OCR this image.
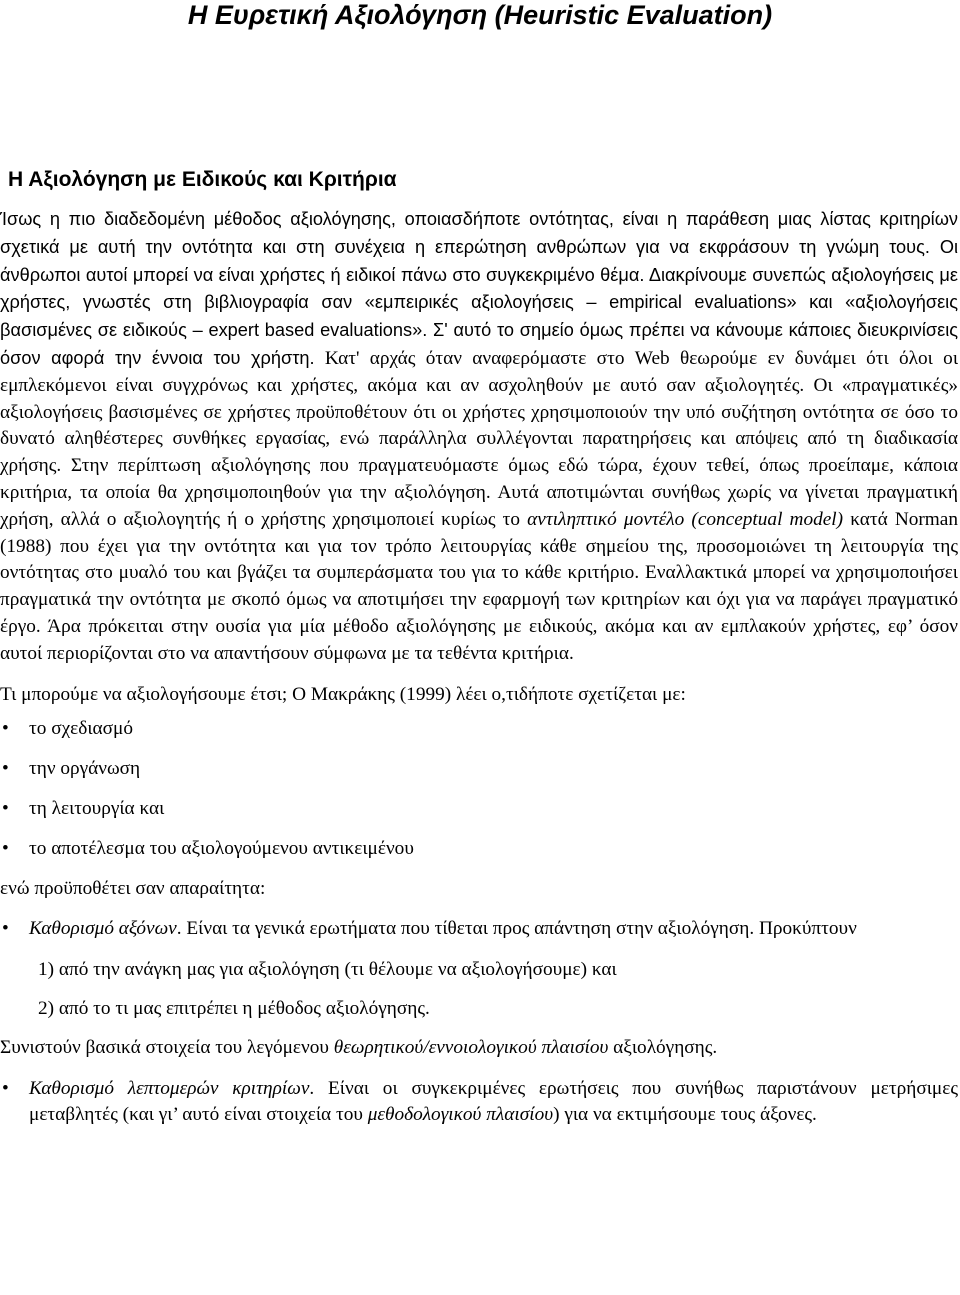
Η Ευρετική Αξιολόγηση (Heuristic Evaluation)
Η Αξιολόγηση με Ειδικούς και Κριτήρια

Ίσως η πιο διαδεδομένη μέθοδος αξιολόγησης, οποιασδήποτε οντότητας, είναι η παράθεση μιας λίστας κριτηρίων σχετικά με αυτή την οντότητα και στη συνέχεια η επερώτηση ανθρώπων για να εκφράσουν τη γνώμη τους. Οι άνθρωποι αυτοί μπορεί να είναι χρήστες ή ειδικοί πάνω στο συγκεκριμένο θέμα. Διακρίνουμε συνεπώς αξιολογήσεις με χρήστες, γνωστές στη βιβλιογραφία σαν «εμπειρικές αξιολογήσεις – empirical evaluations» και «αξιολογήσεις βασισμένες σε ειδικούς – expert based evaluations». Σ' αυτό το σημείο όμως πρέπει να κάνουμε κάποιες διευκρινίσεις όσον αφορά την έννοια του χρήστη. Κατ' αρχάς όταν αναφερόμαστε στο Web θεωρούμε εν δυνάμει ότι όλοι οι εμπλεκόμενοι είναι συγχρόνως και χρήστες, ακόμα και αν ασχοληθούν με αυτό σαν αξιολογητές. Οι «πραγματικές» αξιολογήσεις βασισμένες σε χρήστες προϋποθέτουν ότι οι χρήστες χρησιμοποιούν την υπό συζήτηση οντότητα σε όσο το δυνατό αληθέστερες συνθήκες εργασίας, ενώ παράλληλα συλλέγονται παρατηρήσεις και απόψεις από τη διαδικασία χρήσης. Στην περίπτωση αξιολόγησης που πραγματευόμαστε όμως εδώ τώρα, έχουν τεθεί, όπως προείπαμε, κάποια κριτήρια, τα οποία θα χρησιμοποιηθούν για την αξιολόγηση. Αυτά αποτιμώνται συνήθως χωρίς να γίνεται πραγματική χρήση, αλλά ο αξιολογητής ή ο χρήστης χρησιμοποιεί κυρίως το αντιληπτικό μοντέλο (conceptual model) κατά Norman (1988) που έχει για την οντότητα και για τον τρόπο λειτουργίας κάθε σημείου της, προσομοιώνει τη λειτουργία της οντότητας στο μυαλό του και βγάζει τα συμπεράσματα του για το κάθε κριτήριο. Εναλλακτικά μπορεί να χρησιμοποιήσει πραγματικά την οντότητα με σκοπό όμως να αποτιμήσει την εφαρμογή των κριτηρίων και όχι για να παράγει πραγματικό έργο. Άρα πρόκειται στην ουσία για μία μέθοδο αξιολόγησης με ειδικούς, ακόμα και αν εμπλακούν χρήστες, εφ’ όσον αυτοί περιορίζονται στο να απαντήσουν σύμφωνα με τα τεθέντα κριτήρια.

Τι μπορούμε να αξιολογήσουμε έτσι; Ο Μακράκης (1999) λέει ο,τιδήποτε σχετίζεται με:

• το σχεδιασμό
• την οργάνωση
• τη λειτουργία και
• το αποτέλεσμα του αξιολογούμενου αντικειμένου

ενώ προϋποθέτει σαν απαραίτητα:

• Καθορισμό αξόνων. Είναι τα γενικά ερωτήματα που τίθεται προς απάντηση στην αξιολόγηση. Προκύπτουν

1) από την ανάγκη μας για αξιολόγηση (τι θέλουμε να αξιολογήσουμε) και

2) από το τι μας επιτρέπει η μέθοδος αξιολόγησης.

Συνιστούν βασικά στοιχεία του λεγόμενου θεωρητικού/εννοιολογικού πλαισίου αξιολόγησης.

• Καθορισμό λεπτομερών κριτηρίων. Είναι οι συγκεκριμένες ερωτήσεις που συνήθως παριστάνουν μετρήσιμες μεταβλητές (και γι’ αυτό είναι στοιχεία του μεθοδολογικού πλαισίου) για να εκτιμήσουμε τους άξονες.
